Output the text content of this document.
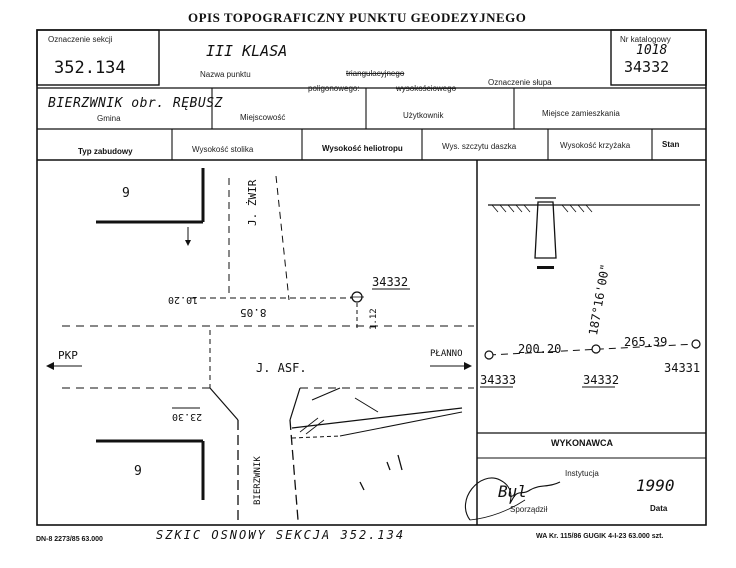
OPIS TOPOGRAFICZNY PUNKTU GEODEZYJNEGO
Oznaczenie sekcji
352.134
III KLASA
Nazwa punktu	triangulacyjnego
poligonowego:	wysokościowego
Oznaczenie słupa
Nr katalogowy
1018
34332
BIERZWNIK obr. RĘBUSZ
Gmina	Miejscowość	Użytkownik	Miejsce zamieszkania
Typ zabudowy	Wysokość stolika	Wysokość heliotropu	Wys. szczytu daszka	Wysokość krzyżaka	Stan
9
9
J. ŻWIR
J. ASF.
BIERZWNIK
PKP	PŁANNO
34332
10.20
8.05	1.12
23.30
187°16'00"
200.20	265.39
34333	34332
34331
WYKONAWCA
Instytucja
1990
Bul
Sporządził	Data
DN-8 2273/85 63.000	SZKIC OSNOWY SEKCJA 352.134	WA Kr. 115/86 GUGIK 4-I-23 63.000 szt.
